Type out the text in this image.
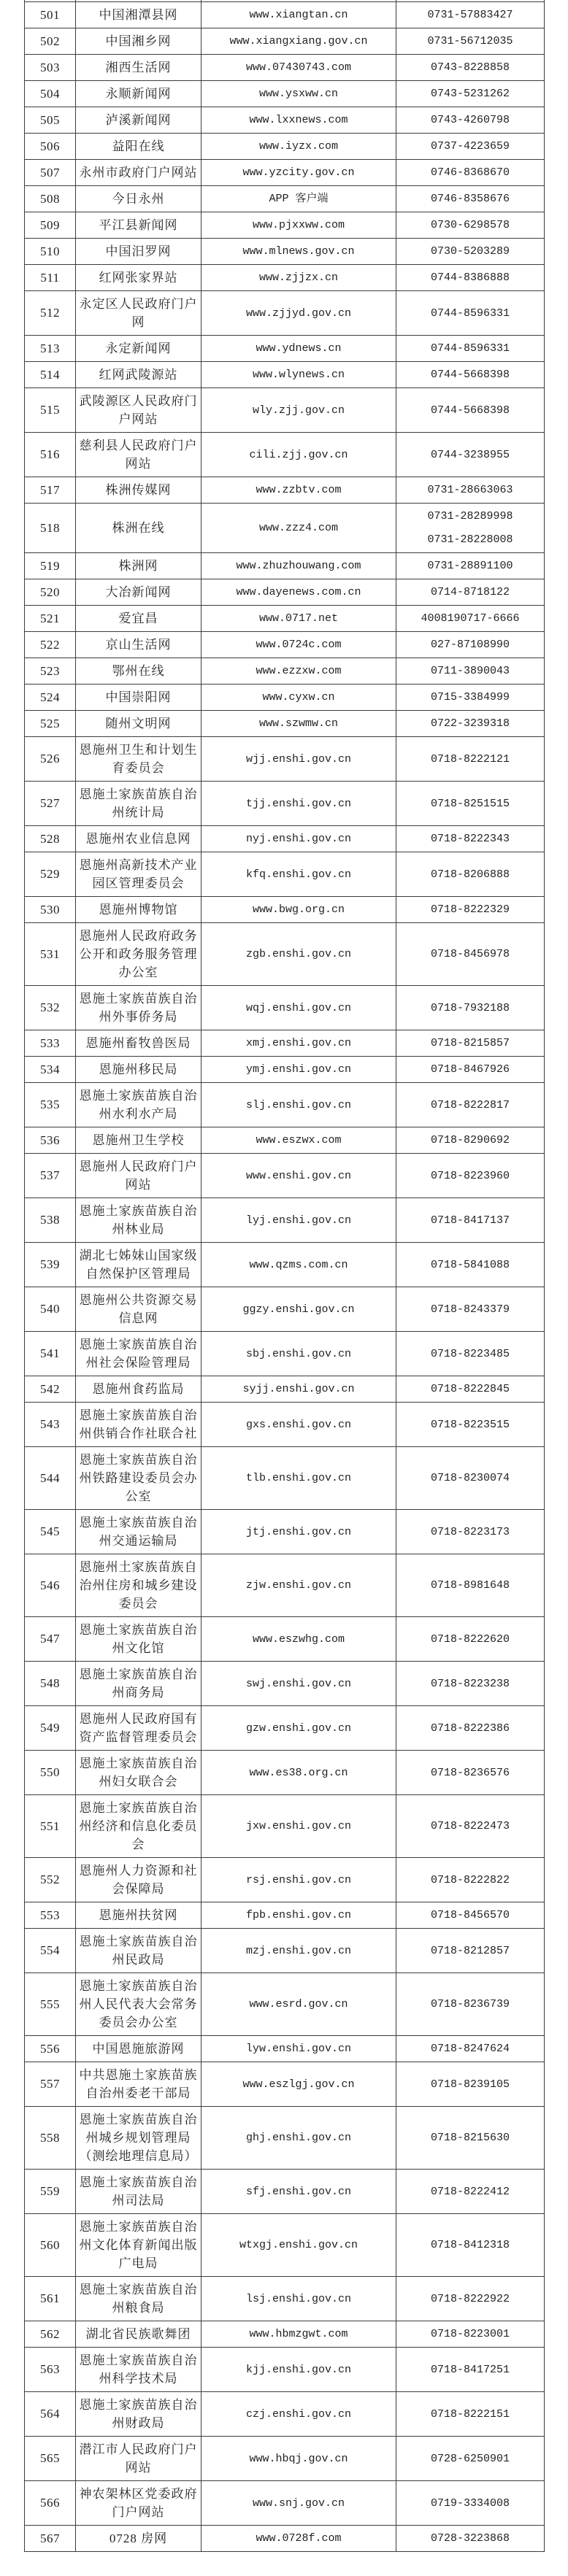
501	中国湘潭县网	www.xiangtan.cn	0731-57883427

502	中国湘乡网	www.xiangxiang.gov.cn	0731-56712035

503	湘西生活网	www.07430743.com	0743-8228858

504	永顺新闻网	www.ysxww.cn	0743-5231262

505	泸溪新闻网	www.lxxnews.com	0743-4260798

506	益阳在线	www.iyzx.com	0737-4223659

507	永州市政府门户网站	www.yzcity.gov.cn	0746-8368670

508	今日永州	APP 客户端	0746-8358676

509	平江县新闻网	www.pjxxww.com	0730-6298578

510	中国汨罗网	www.mlnews.gov.cn	0730-5203289

511	红网张家界站	www.zjjzx.cn	0744-8386888

512	永定区人民政府门户网	www.zjjyd.gov.cn	0744-8596331

513	永定新闻网	www.ydnews.cn	0744-8596331

514	红网武陵源站	www.wlynews.cn	0744-5668398

515	武陵源区人民政府门户网站	wly.zjj.gov.cn	0744-5668398

516	慈利县人民政府门户网站	cili.zjj.gov.cn	0744-3238955

517	株洲传媒网	www.zzbtv.com	0731-28663063

518	株洲在线	www.zzz4.com	0731-28289998
0731-28228008

519	株洲网	www.zhuzhouwang.com	0731-28891100

520	大冶新闻网	www.dayenews.com.cn	0714-8718122

521	爱宜昌	www.0717.net	4008190717-6666

522	京山生活网	www.0724c.com	027-87108990

523	鄂州在线	www.ezzxw.com	0711-3890043

524	中国崇阳网	www.cyxw.cn	0715-3384999

525	随州文明网	www.szwmw.cn	0722-3239318

526	恩施州卫生和计划生育委员会	wjj.enshi.gov.cn	0718-8222121

527	恩施土家族苗族自治州统计局	tjj.enshi.gov.cn	0718-8251515

528	恩施州农业信息网	nyj.enshi.gov.cn	0718-8222343

529	恩施州高新技术产业园区管理委员会	kfq.enshi.gov.cn	0718-8206888

530	恩施州博物馆	www.bwg.org.cn	0718-8222329

531	恩施州人民政府政务公开和政务服务管理办公室	zgb.enshi.gov.cn	0718-8456978

532	恩施土家族苗族自治州外事侨务局	wqj.enshi.gov.cn	0718-7932188

533	恩施州畜牧兽医局	xmj.enshi.gov.cn	0718-8215857

534	恩施州移民局	ymj.enshi.gov.cn	0718-8467926

535	恩施土家族苗族自治州水利水产局	slj.enshi.gov.cn	0718-8222817

536	恩施州卫生学校	www.eszwx.com	0718-8290692

537	恩施州人民政府门户网站	www.enshi.gov.cn	0718-8223960

538	恩施土家族苗族自治州林业局	lyj.enshi.gov.cn	0718-8417137

539	湖北七姊妹山国家级自然保护区管理局	www.qzms.com.cn	0718-5841088

540	恩施州公共资源交易信息网	ggzy.enshi.gov.cn	0718-8243379

541	恩施土家族苗族自治州社会保险管理局	sbj.enshi.gov.cn	0718-8223485

542	恩施州食药监局	syjj.enshi.gov.cn	0718-8222845

543	恩施土家族苗族自治州供销合作社联合社	gxs.enshi.gov.cn	0718-8223515

544	恩施土家族苗族自治州铁路建设委员会办公室	tlb.enshi.gov.cn	0718-8230074

545	恩施土家族苗族自治州交通运输局	jtj.enshi.gov.cn	0718-8223173

546	恩施州土家族苗族自治州住房和城乡建设委员会	zjw.enshi.gov.cn	0718-8981648

547	恩施土家族苗族自治州文化馆	www.eszwhg.com	0718-8222620

548	恩施土家族苗族自治州商务局	swj.enshi.gov.cn	0718-8223238

549	恩施州人民政府国有资产监督管理委员会	gzw.enshi.gov.cn	0718-8222386

550	恩施土家族苗族自治州妇女联合会	www.es38.org.cn	0718-8236576

551	恩施土家族苗族自治州经济和信息化委员会	jxw.enshi.gov.cn	0718-8222473

552	恩施州人力资源和社会保障局	rsj.enshi.gov.cn	0718-8222822

553	恩施州扶贫网	fpb.enshi.gov.cn	0718-8456570

554	恩施土家族苗族自治州民政局	mzj.enshi.gov.cn	0718-8212857

555	恩施土家族苗族自治州人民代表大会常务委员会办公室	www.esrd.gov.cn	0718-8236739

556	中国恩施旅游网	lyw.enshi.gov.cn	0718-8247624

557	中共恩施土家族苗族自治州委老干部局	www.eszlgj.gov.cn	0718-8239105

558	恩施土家族苗族自治州城乡规划管理局（测绘地理信息局）	ghj.enshi.gov.cn	0718-8215630

559	恩施土家族苗族自治州司法局	sfj.enshi.gov.cn	0718-8222412

560	恩施土家族苗族自治州文化体育新闻出版广电局	wtxgj.enshi.gov.cn	0718-8412318

561	恩施土家族苗族自治州粮食局	lsj.enshi.gov.cn	0718-8222922

562	湖北省民族歌舞团	www.hbmzgwt.com	0718-8223001

563	恩施土家族苗族自治州科学技术局	kjj.enshi.gov.cn	0718-8417251

564	恩施土家族苗族自治州财政局	czj.enshi.gov.cn	0718-8222151

565	潜江市人民政府门户网站	www.hbqj.gov.cn	0728-6250901

566	神农架林区党委政府门户网站	www.snj.gov.cn	0719-3334008

567	0728 房网	www.0728f.com	0728-3223868
